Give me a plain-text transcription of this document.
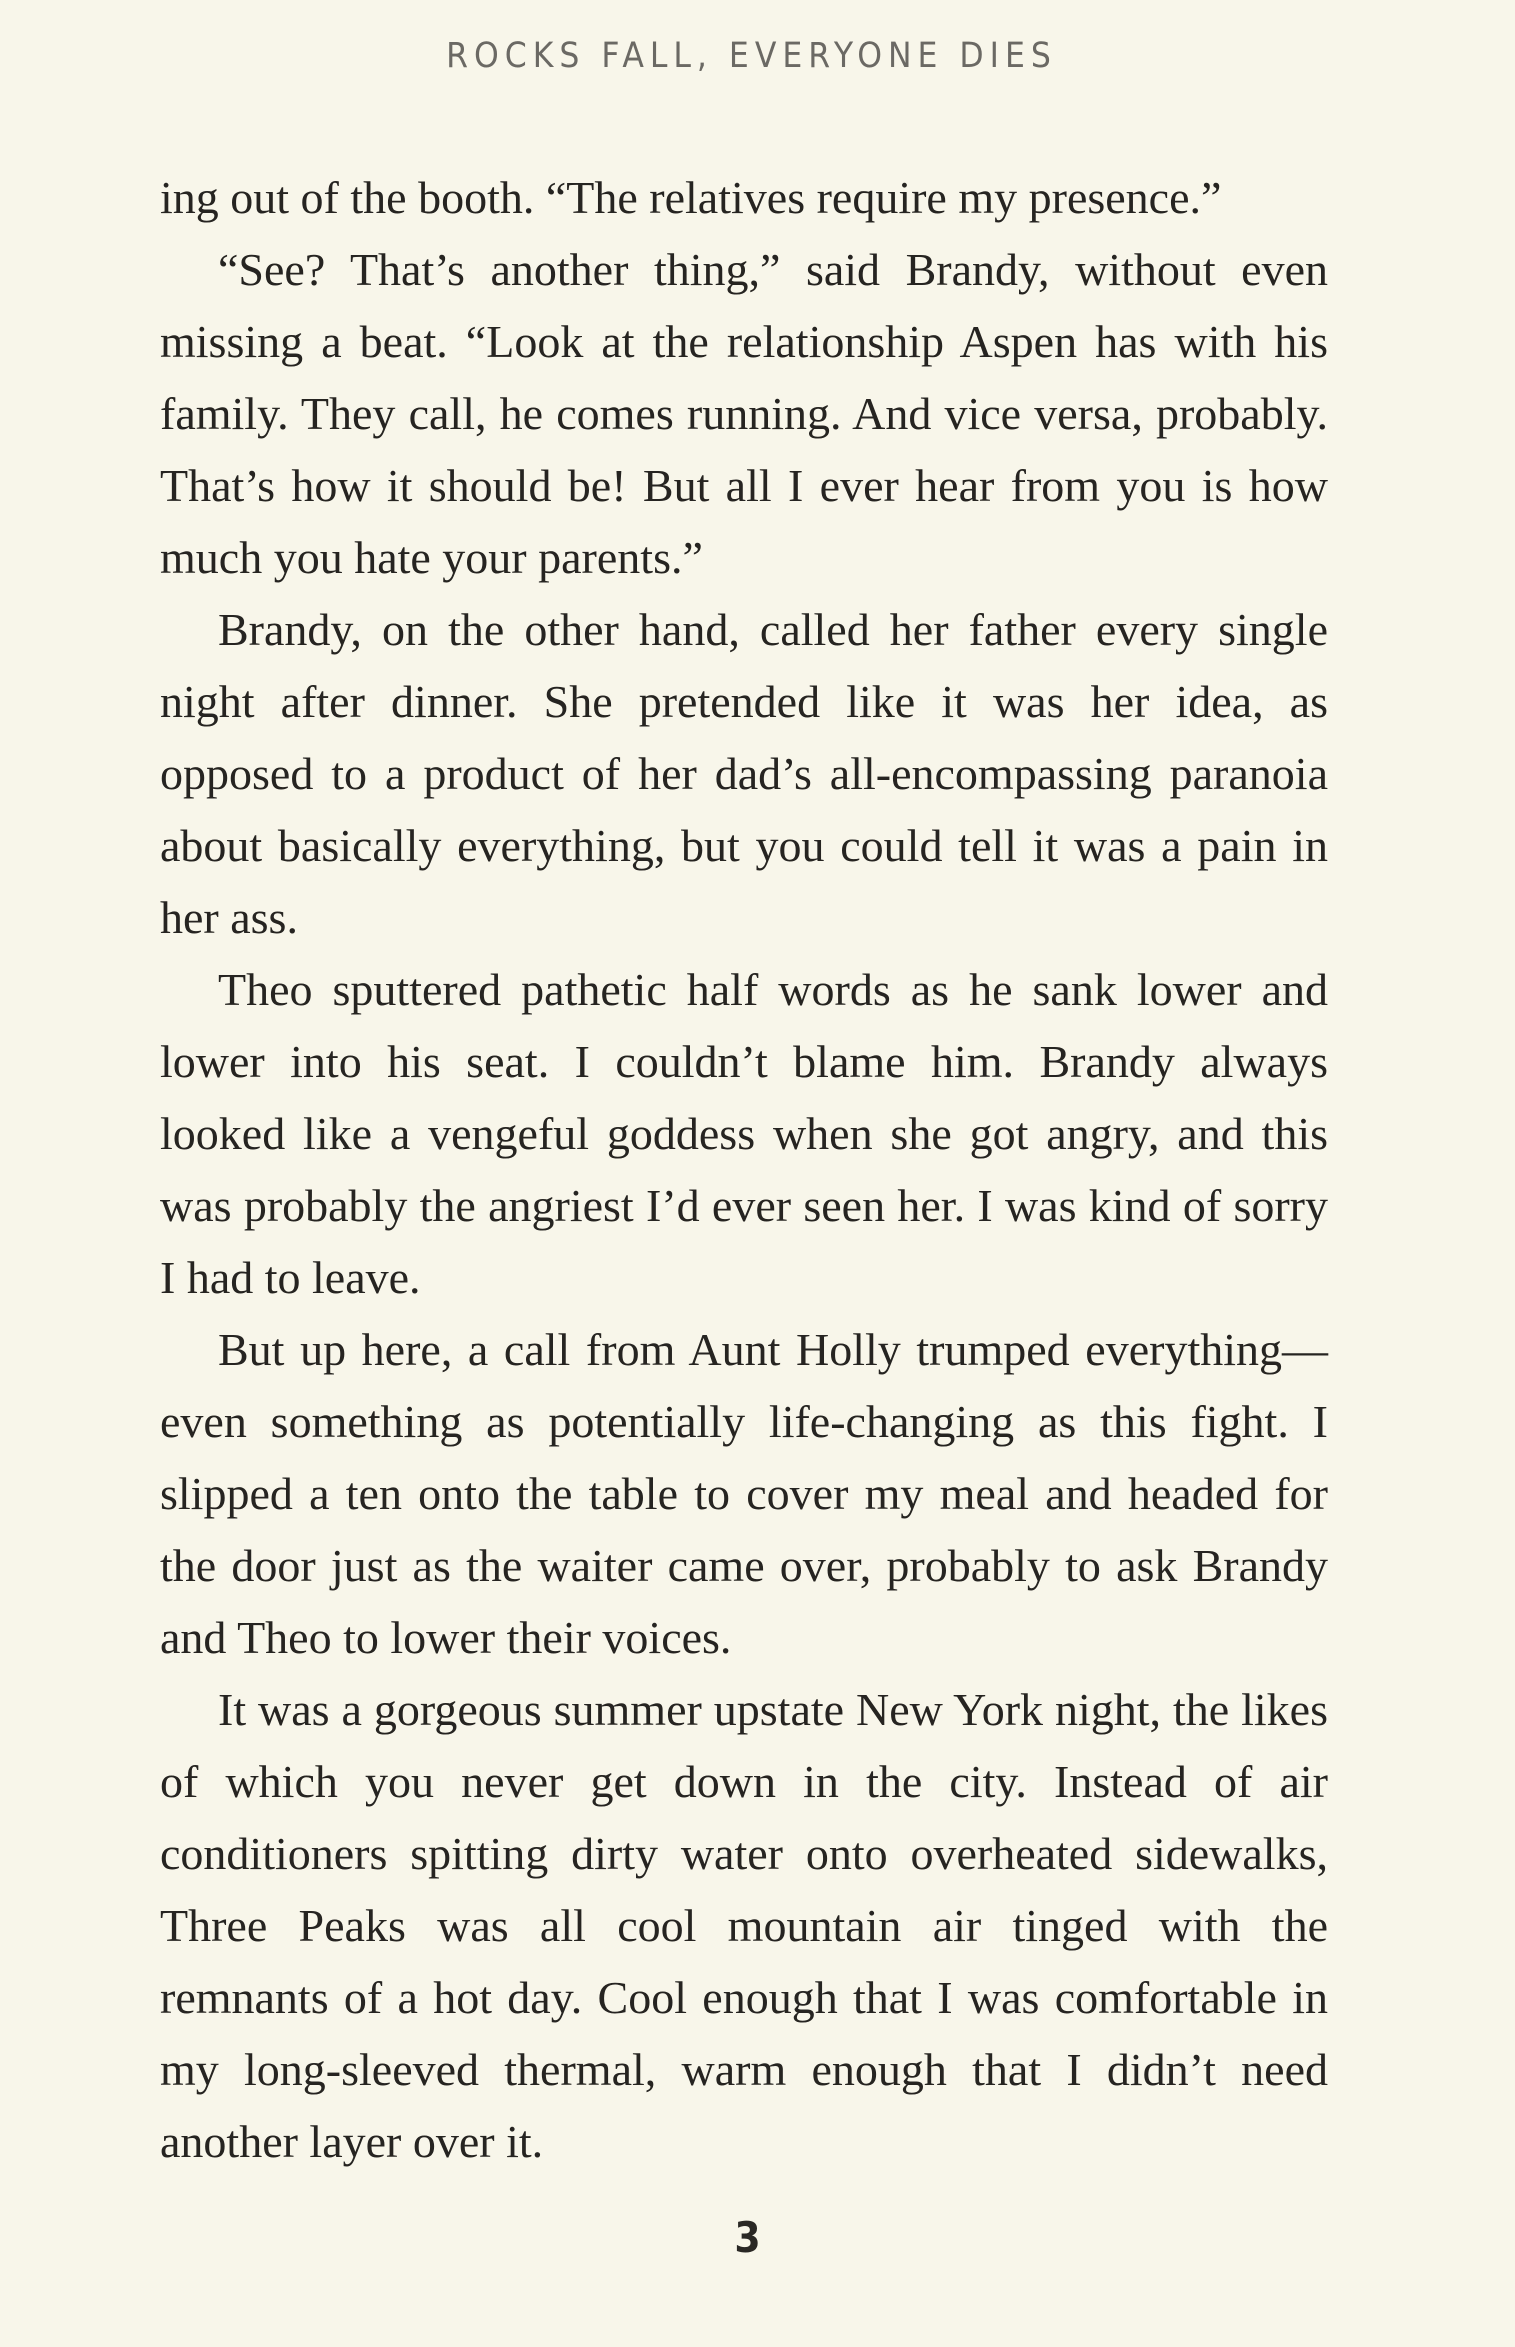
ROCKS FALL, EVERYONE DIES

ing out of the booth. “The relatives require my presence.”

“See? That’s another thing,” said Brandy, without even missing a beat. “Look at the relationship Aspen has with his family. They call, he comes running. And vice versa, probably. That’s how it should be! But all I ever hear from you is how much you hate your parents.”

Brandy, on the other hand, called her father every single night after dinner. She pretended like it was her idea, as opposed to a product of her dad’s all-encompassing paranoia about basically everything, but you could tell it was a pain in her ass.

Theo sputtered pathetic half words as he sank lower and lower into his seat. I couldn’t blame him. Brandy always looked like a vengeful goddess when she got angry, and this was probably the angriest I’d ever seen her. I was kind of sorry I had to leave.

But up here, a call from Aunt Holly trumped everything—even something as potentially life-changing as this fight. I slipped a ten onto the table to cover my meal and headed for the door just as the waiter came over, probably to ask Brandy and Theo to lower their voices.

It was a gorgeous summer upstate New York night, the likes of which you never get down in the city. Instead of air conditioners spitting dirty water onto overheated sidewalks, Three Peaks was all cool mountain air tinged with the remnants of a hot day. Cool enough that I was comfortable in my long-sleeved thermal, warm enough that I didn’t need another layer over it.

3
